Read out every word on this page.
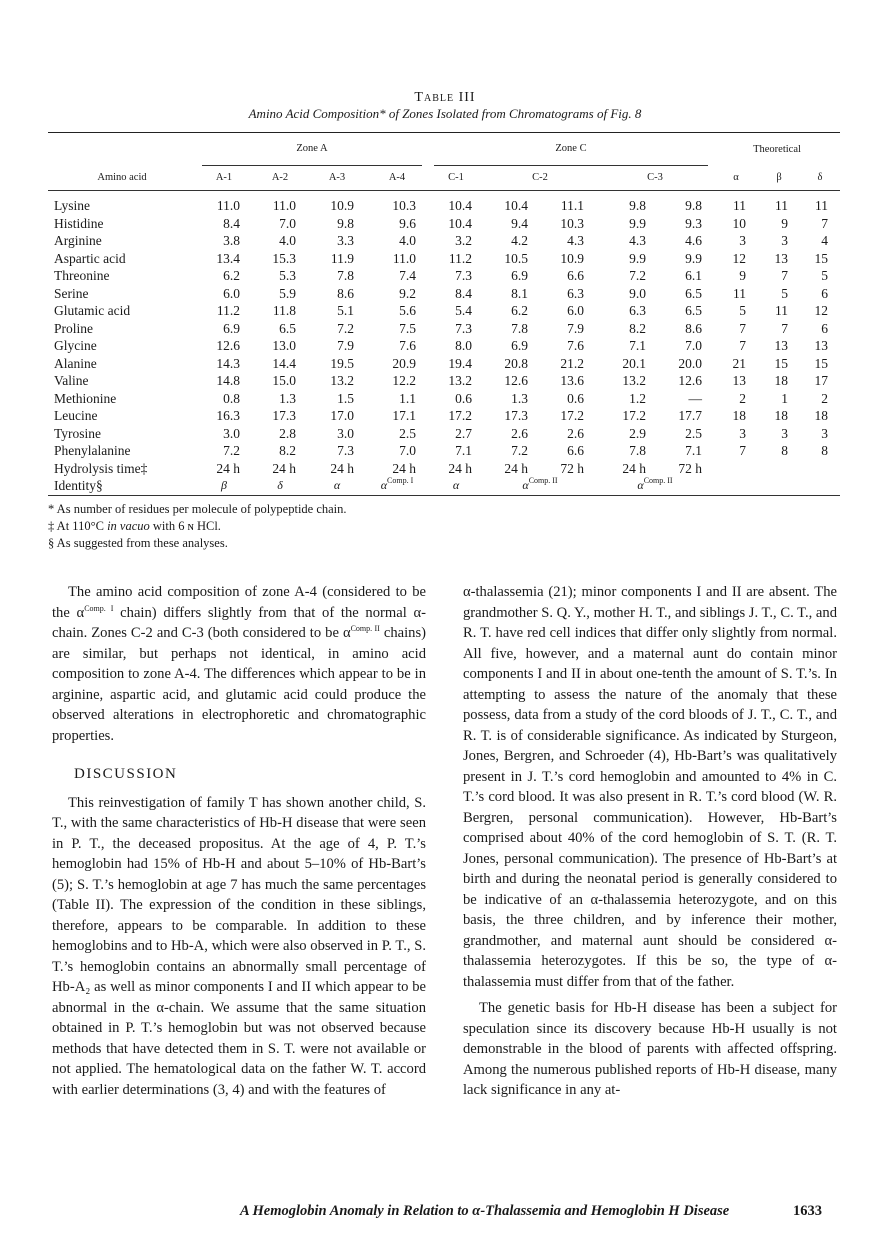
Table III
Amino Acid Composition* of Zones Isolated from Chromatograms of Fig. 8

	Zone A				Zone C					Theoretical		

Amino acid	A-1	A-2	A-3	A-4	C-1	C-2		C-3		α	β	δ
Lysine	11.0	11.0	10.9	10.3	10.4	10.4	11.1	9.8	9.8	11	11	11
Histidine	8.4	7.0	9.8	9.6	10.4	9.4	10.3	9.9	9.3	10	9	7
Arginine	3.8	4.0	3.3	4.0	3.2	4.2	4.3	4.3	4.6	3	3	4
Aspartic acid	13.4	15.3	11.9	11.0	11.2	10.5	10.9	9.9	9.9	12	13	15
Threonine	6.2	5.3	7.8	7.4	7.3	6.9	6.6	7.2	6.1	9	7	5
Serine	6.0	5.9	8.6	9.2	8.4	8.1	6.3	9.0	6.5	11	5	6
Glutamic acid	11.2	11.8	5.1	5.6	5.4	6.2	6.0	6.3	6.5	5	11	12
Proline	6.9	6.5	7.2	7.5	7.3	7.8	7.9	8.2	8.6	7	7	6
Glycine	12.6	13.0	7.9	7.6	8.0	6.9	7.6	7.1	7.0	7	13	13
Alanine	14.3	14.4	19.5	20.9	19.4	20.8	21.2	20.1	20.0	21	15	15
Valine	14.8	15.0	13.2	12.2	13.2	12.6	13.6	13.2	12.6	13	18	17
Methionine	0.8	1.3	1.5	1.1	0.6	1.3	0.6	1.2	—	2	1	2
Leucine	16.3	17.3	17.0	17.1	17.2	17.3	17.2	17.2	17.7	18	18	18
Tyrosine	3.0	2.8	3.0	2.5	2.7	2.6	2.6	2.9	2.5	3	3	3
Phenylalanine	7.2	8.2	7.3	7.0	7.1	7.2	6.6	7.8	7.1	7	8	8
Hydrolysis time‡	24 h	24 h	24 h	24 h	24 h	24 h	72 h	24 h	72 h			
Identity§	β	δ	α	$\alpha^{Comp. I}$	α	$\alpha^{Comp. II}$		$\alpha^{Comp. II}$			
* As number of residues per molecule of polypeptide chain.
‡ At 110°C in vacuo with 6 ɴ HCl.
§ As suggested from these analyses.

The amino acid composition of zone A-4 (considered to be the $\alpha^{Comp. I}$ chain) differs slightly from that of the normal α-chain. Zones C-2 and C-3 (both considered to be $\alpha^{Comp. II}$ chains) are similar, but perhaps not identical, in amino acid composition to zone A-4. The differences which appear to be in arginine, aspartic acid, and glutamic acid could produce the observed alterations in electrophoretic and chromatographic properties.

DISCUSSION

This reinvestigation of family T has shown another child, S. T., with the same characteristics of Hb-H disease that were seen in P. T., the deceased propositus. At the age of 4, P. T.’s hemoglobin had 15% of Hb-H and about 5–10% of Hb-Bart’s (5); S. T.’s hemoglobin at age 7 has much the same percentages (Table II). The expression of the condition in these siblings, therefore, appears to be comparable. In addition to these hemoglobins and to Hb-A, which were also observed in P. T., S. T.’s hemoglobin contains an abnormally small percentage of Hb-A₂ as well as minor components I and II which appear to be abnormal in the α-chain. We assume that the same situation obtained in P. T.’s hemoglobin but was not observed because methods that have detected them in S. T. were not available or not applied. The hematological data on the father W. T. accord with earlier determinations (3, 4) and with the features of

α-thalassemia (21); minor components I and II are absent. The grandmother S. Q. Y., mother H. T., and siblings J. T., C. T., and R. T. have red cell indices that differ only slightly from normal. All five, however, and a maternal aunt do contain minor components I and II in about one-tenth the amount of S. T.’s. In attempting to assess the nature of the anomaly that these possess, data from a study of the cord bloods of J. T., C. T., and R. T. is of considerable significance. As indicated by Sturgeon, Jones, Bergren, and Schroeder (4), Hb-Bart’s was qualitatively present in J. T.’s cord hemoglobin and amounted to 4% in C. T.’s cord blood. It was also present in R. T.’s cord blood (W. R. Bergren, personal communication). However, Hb-Bart’s comprised about 40% of the cord hemoglobin of S. T. (R. T. Jones, personal communication). The presence of Hb-Bart’s at birth and during the neonatal period is generally considered to be indicative of an α-thalassemia heterozygote, and on this basis, the three children, and by inference their mother, grandmother, and maternal aunt should be considered α-thalassemia heterozygotes. If this be so, the type of α-thalassemia must differ from that of the father.

The genetic basis for Hb-H disease has been a subject for speculation since its discovery because Hb-H usually is not demonstrable in the blood of parents with affected offspring. Among the numerous published reports of Hb-H disease, many lack significance in any at-

A Hemoglobin Anomaly in Relation to α-Thalassemia and Hemoglobin H Disease	1633
